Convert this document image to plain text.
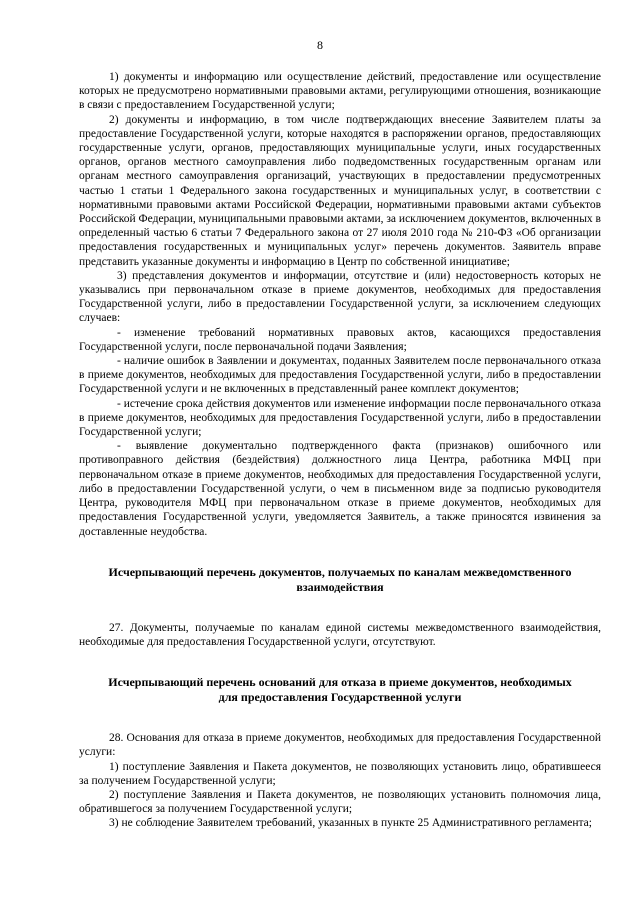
8

1) документы и информацию или осуществление действий, предоставление или осуществление которых не предусмотрено нормативными правовыми актами, регулирующими отношения, возникающие в связи с предоставлением Государственной услуги;

2) документы и информацию, в том числе подтверждающих внесение Заявителем платы за предоставление Государственной услуги, которые находятся в распоряжении органов, предоставляющих государственные услуги, органов, предоставляющих муниципальные услуги, иных государственных органов, органов местного самоуправления либо подведомственных государственным органам или органам местного самоуправления организаций, участвующих в предоставлении предусмотренных частью 1 статьи 1 Федерального закона государственных и муниципальных услуг, в соответствии с нормативными правовыми актами Российской Федерации, нормативными правовыми актами субъектов Российской Федерации, муниципальными правовыми актами, за исключением документов, включенных в определенный частью 6 статьи 7 Федерального закона от 27 июля 2010 года № 210-ФЗ «Об организации предоставления государственных и муниципальных услуг» перечень документов. Заявитель вправе представить указанные документы и информацию в Центр по собственной инициативе;

3) представления документов и информации, отсутствие и (или) недостоверность которых не указывались при первоначальном отказе в приеме документов, необходимых для предоставления Государственной услуги, либо в предоставлении Государственной услуги, за исключением следующих случаев:

- изменение требований нормативных правовых актов, касающихся предоставления Государственной услуги, после первоначальной подачи Заявления;

- наличие ошибок в Заявлении и документах, поданных Заявителем после первоначального отказа в приеме документов, необходимых для предоставления Государственной услуги, либо в предоставлении Государственной услуги и не включенных в представленный ранее комплект документов;

- истечение срока действия документов или изменение информации после первоначального отказа в приеме документов, необходимых для предоставления Государственной услуги, либо в предоставлении Государственной услуги;

- выявление документально подтвержденного факта (признаков) ошибочного или противоправного действия (бездействия) должностного лица Центра, работника МФЦ при первоначальном отказе в приеме документов, необходимых для предоставления Государственной услуги, либо в предоставлении Государственной услуги, о чем в письменном виде за подписью руководителя Центра, руководителя МФЦ при первоначальном отказе в приеме документов, необходимых для предоставления Государственной услуги, уведомляется Заявитель, а также приносятся извинения за доставленные неудобства.

Исчерпывающий перечень документов, получаемых по каналам межведомственного взаимодействия

27. Документы, получаемые по каналам единой системы межведомственного взаимодействия, необходимые для предоставления Государственной услуги, отсутствуют.

Исчерпывающий перечень оснований для отказа в приеме документов, необходимых для предоставления Государственной услуги

28. Основания для отказа в приеме документов, необходимых для предоставления Государственной услуги:

1) поступление Заявления и Пакета документов, не позволяющих установить лицо, обратившееся за получением Государственной услуги;

2) поступление Заявления и Пакета документов, не позволяющих установить полномочия лица, обратившегося за получением Государственной услуги;

3) не соблюдение Заявителем требований, указанных в пункте 25 Административного регламента;
